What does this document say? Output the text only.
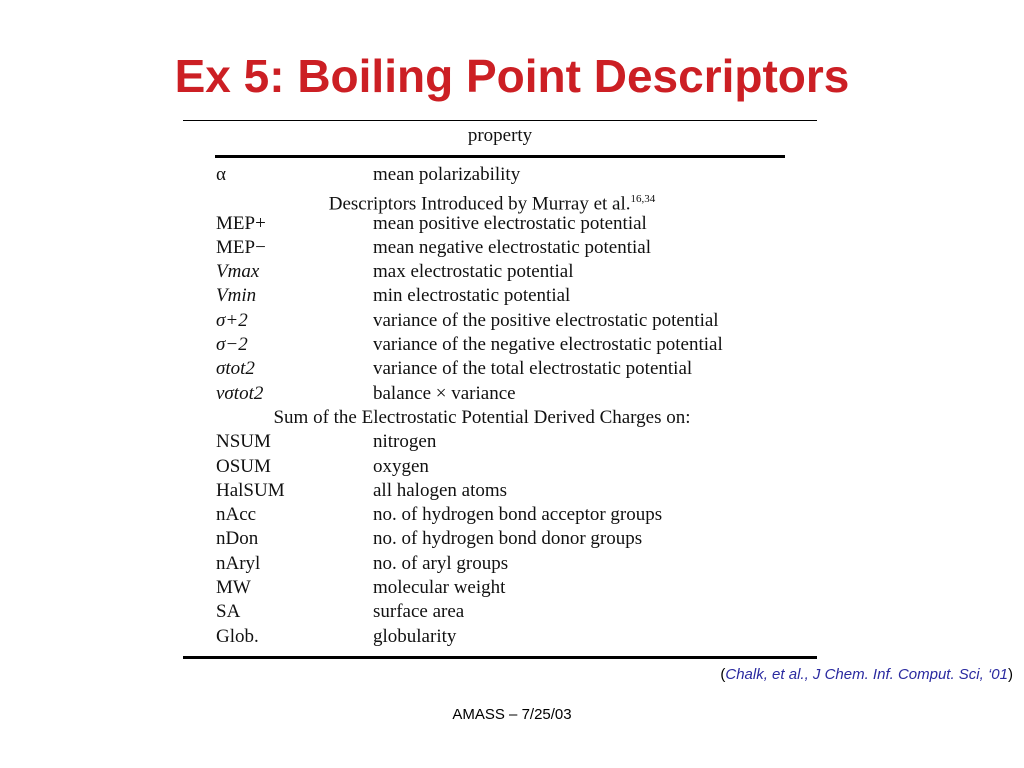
Ex 5: Boiling Point Descriptors
property
α	mean polarizability
Descriptors Introduced by Murray et al.$^{16,34}$
MEP+	mean positive electrostatic potential
MEP−	mean negative electrostatic potential
Vmax	max electrostatic potential
Vmin	min electrostatic potential
σ+2	variance of the positive electrostatic potential
σ−2	variance of the negative electrostatic potential
σtot2	variance of the total electrostatic potential
νσtot2	balance × variance
Sum of the Electrostatic Potential Derived Charges on:
NSUM	nitrogen
OSUM	oxygen
HalSUM	all halogen atoms
nAcc	no. of hydrogen bond acceptor groups
nDon	no. of hydrogen bond donor groups
nAryl	no. of aryl groups
MW	molecular weight
SA	surface area
Glob.	globularity
(Chalk, et al., J Chem. Inf. Comput. Sci, ‘01)
AMASS – 7/25/03
